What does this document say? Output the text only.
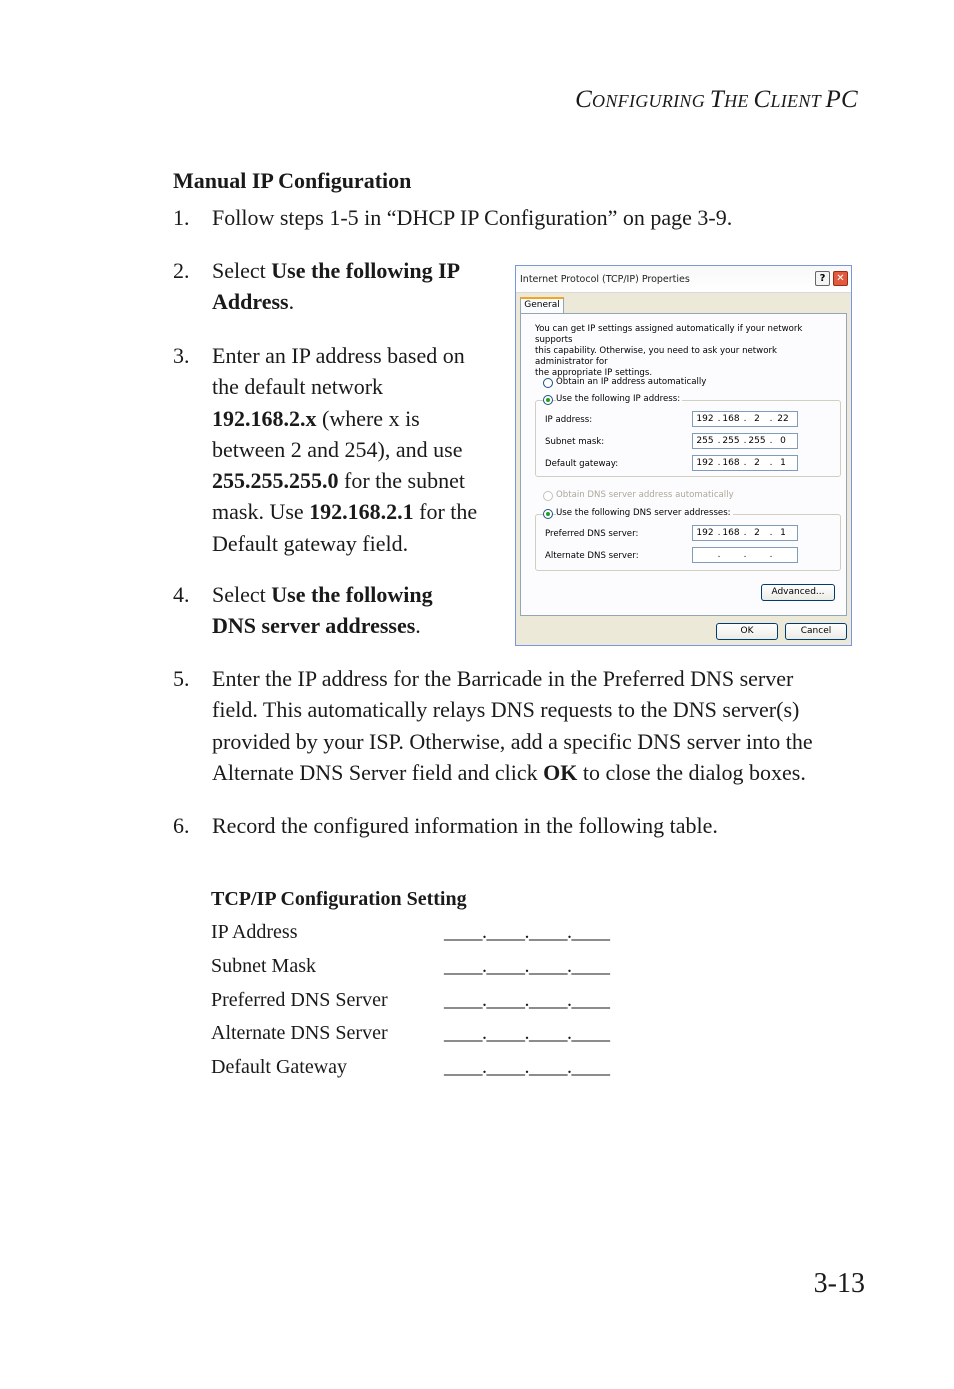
CONFIGURING THE CLIENT PC
Manual IP Configuration
1. Follow steps 1-5 in “DHCP IP Configuration” on page 3-9.
2. Select Use the following IP
Address.
3. Enter an IP address based on
the default network
192.168.2.x (where x is
between 2 and 254), and use
255.255.255.0 for the subnet
mask. Use 192.168.2.1 for the
Default gateway field.
4. Select Use the following
DNS server addresses.
5. Enter the IP address for the Barricade in the Preferred DNS server
field. This automatically relays DNS requests to the DNS server(s)
provided by your ISP. Otherwise, add a specific DNS server into the
Alternate DNS Server field and click OK to close the dialog boxes.
6. Record the configured information in the following table.
Internet Protocol (TCP/IP) Properties	?	✕
General
You can get IP settings assigned automatically if your network supports
this capability. Otherwise, you need to ask your network administrator for
the appropriate IP settings.
Obtain an IP address automatically
Use the following IP address:
IP address:	192 . 168 . 2	. 22
Subnet mask:	255 . 255 . 255 . 0
Default gateway:	192 . 168 . 2	. 1
Obtain DNS server address automatically
Use the following DNS server addresses:
Preferred DNS server:	192 . 168 . 2	. 1
Alternate DNS server:	.	.	.
Advanced...
OK	Cancel
TCP/IP Configuration Setting
IP Address	____.____.____.____
Subnet Mask	____.____.____.____
Preferred DNS Server	____.____.____.____
Alternate DNS Server	____.____.____.____
Default Gateway	____.____.____.____
3-13
